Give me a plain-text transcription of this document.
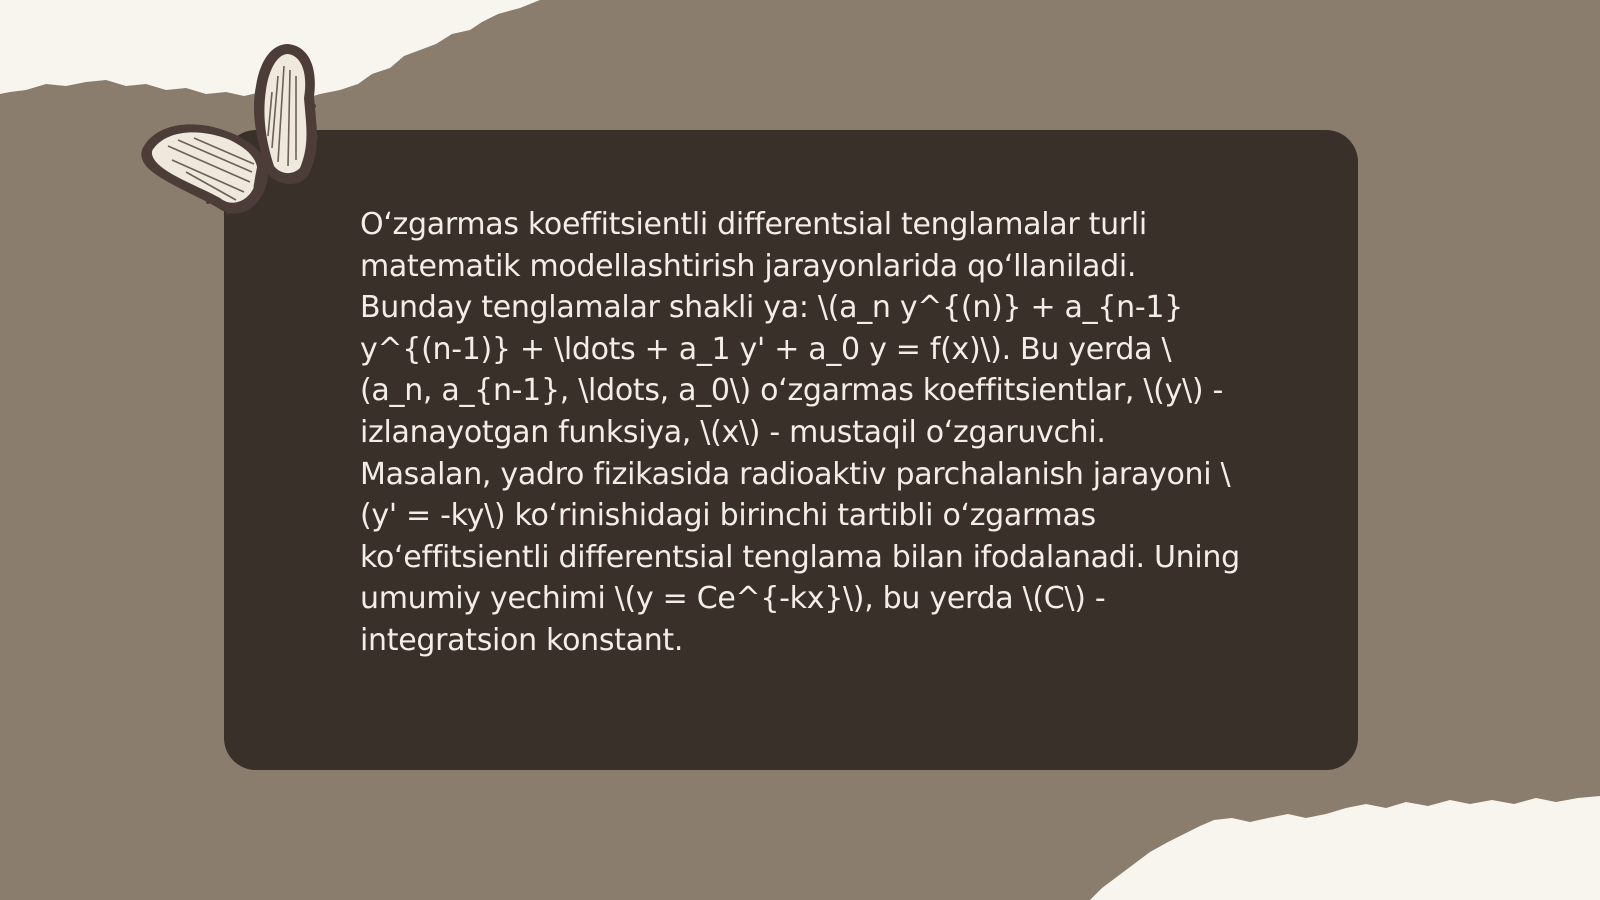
O‘zgarmas koeffitsientli differentsial tenglamalar turli matematik modellashtirish jarayonlarida qo‘llaniladi. Bunday tenglamalar shakli ya: \(a_n y^{(n)} + a_{n-1} y^{(n-1)} + \ldots + a_1 y' + a_0 y = f(x)\). Bu yerda \(a_n, a_{n-1}, \ldots, a_0\) o‘zgarmas koeffitsientlar, \(y\) - izlanayotgan funksiya, \(x\) - mustaqil o‘zgaruvchi. Masalan, yadro fizikasida radioaktiv parchalanish jarayoni \(y' = -ky\) ko‘rinishidagi birinchi tartibli o‘zgarmas ko‘effitsientli differentsial tenglama bilan ifodalanadi. Uning umumiy yechimi \(y = Ce^{-kx}\), bu yerda \(C\) - integratsion konstant.
